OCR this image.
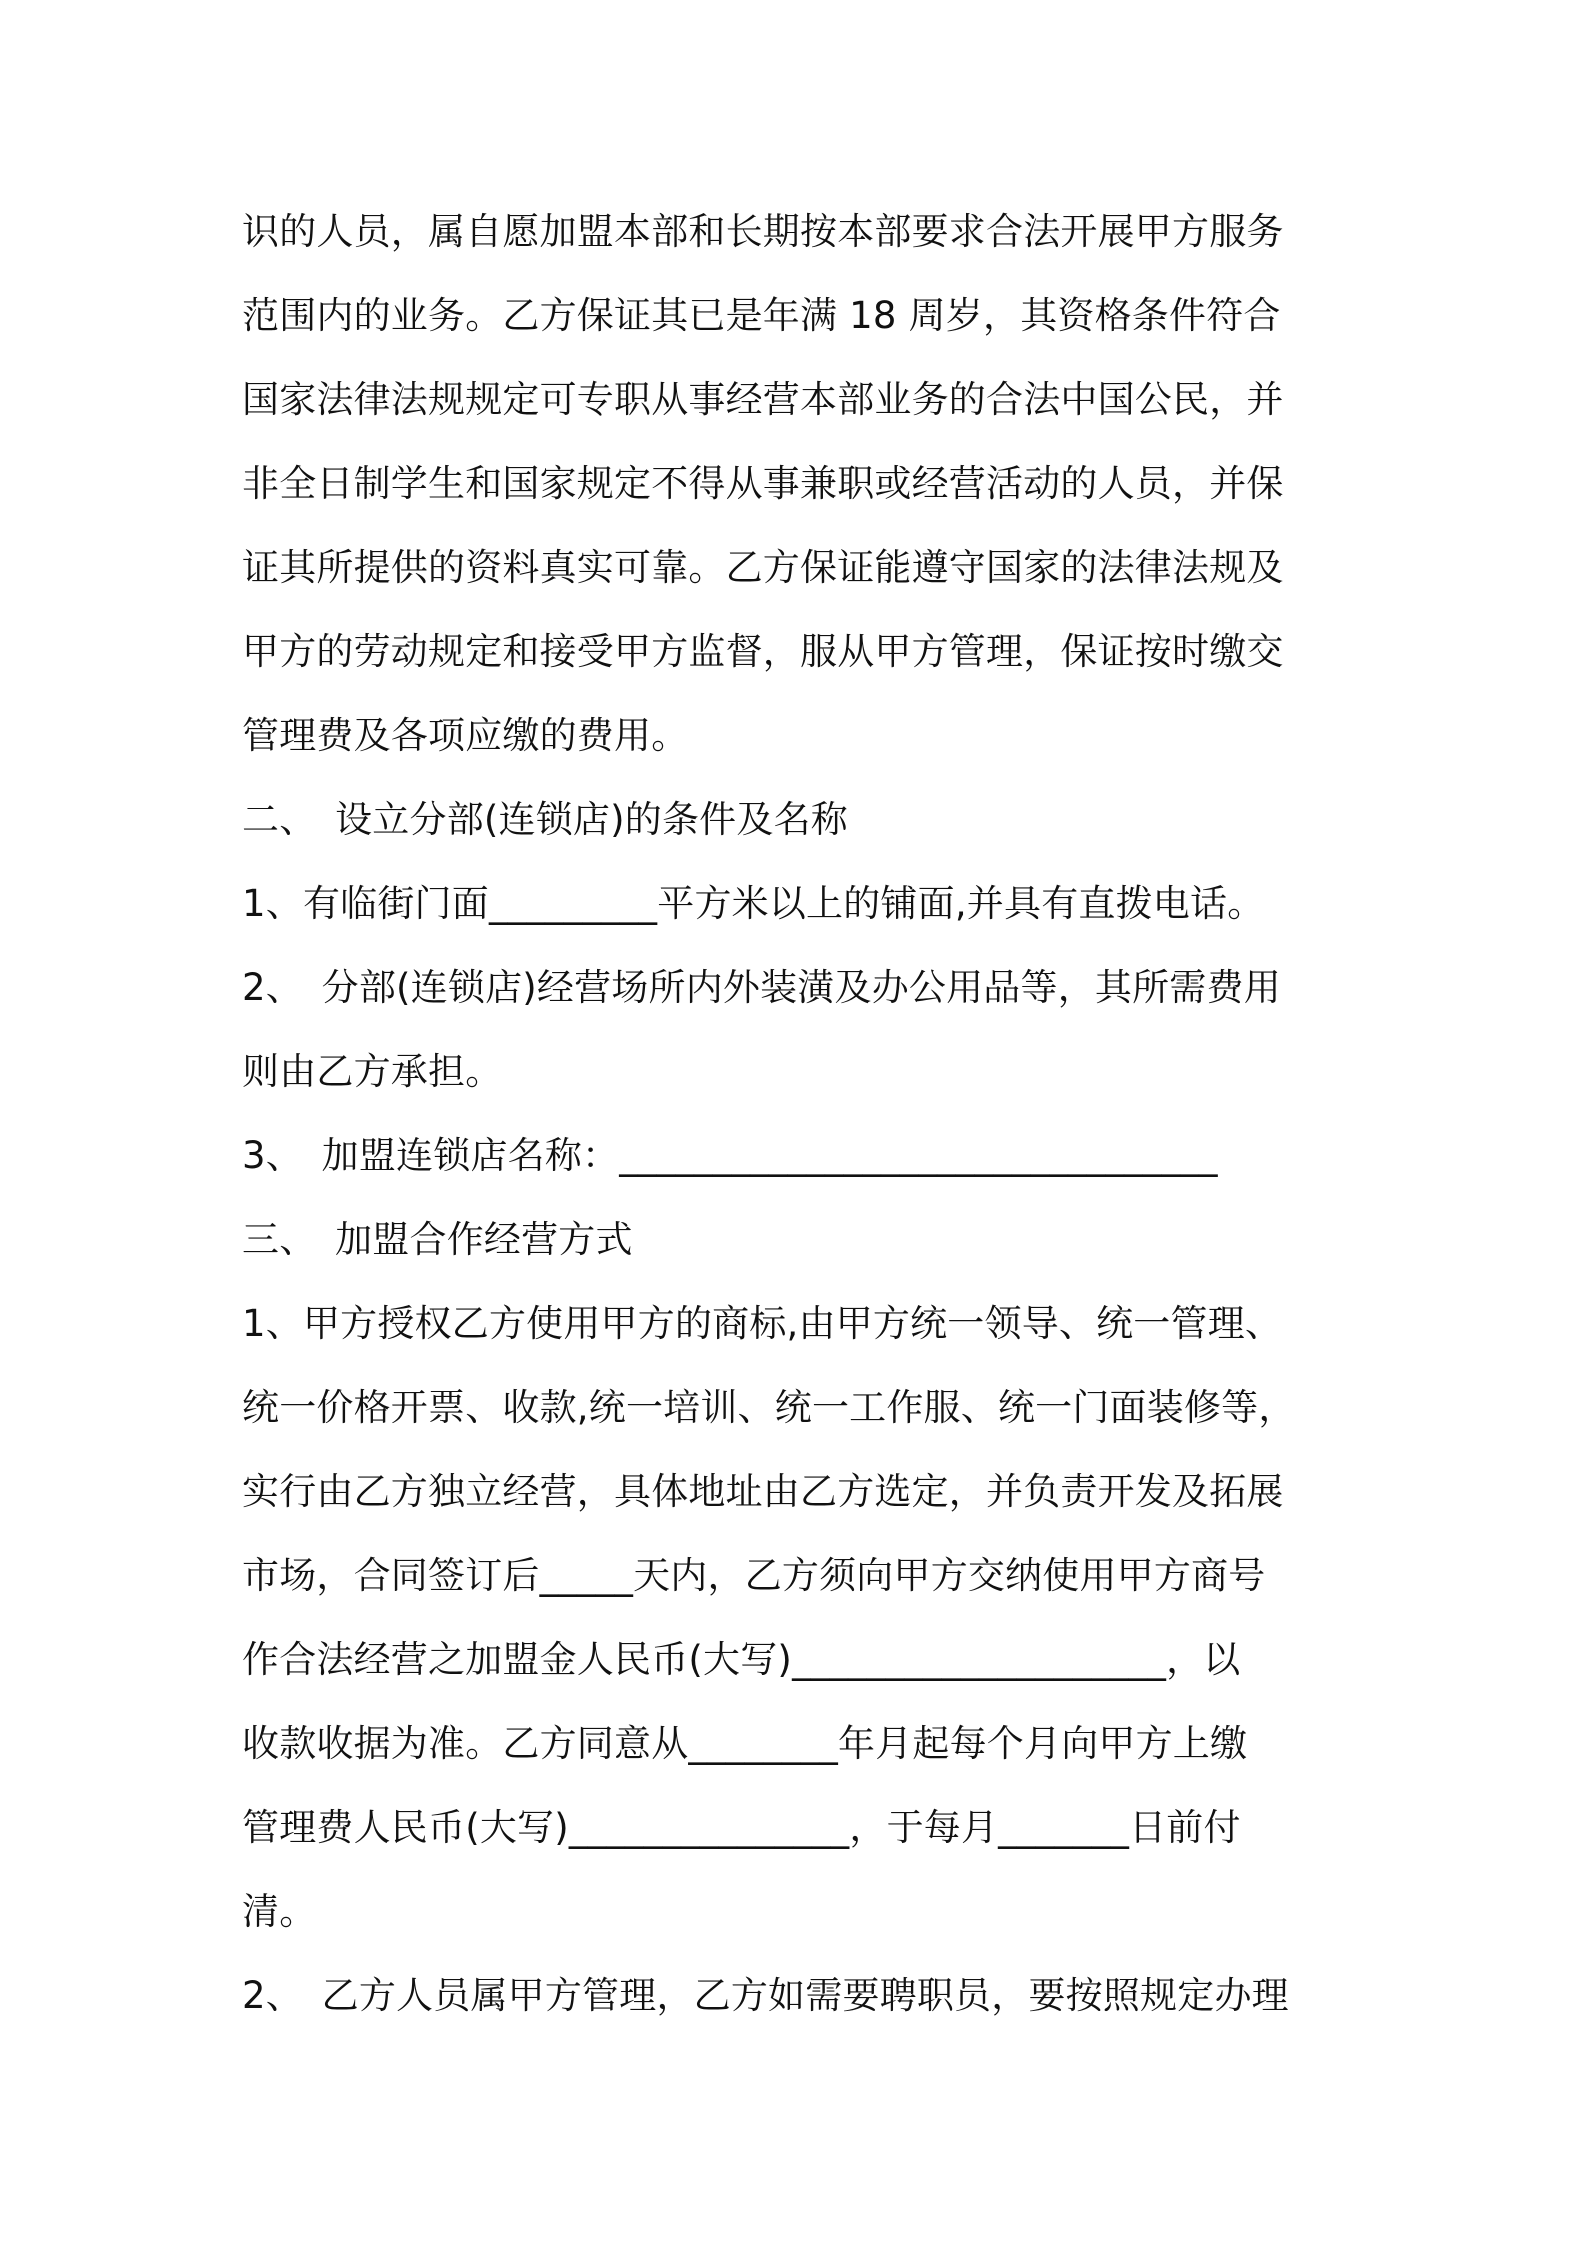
识的人员，属自愿加盟本部和长期按本部要求合法开展甲方服务
范围内的业务。乙方保证其已是年满 18 周岁，其资格条件符合
国家法律法规规定可专职从事经营本部业务的合法中国公民，并
非全日制学生和国家规定不得从事兼职或经营活动的人员，并保
证其所提供的资料真实可靠。乙方保证能遵守国家的法律法规及
甲方的劳动规定和接受甲方监督，服从甲方管理，保证按时缴交
管理费及各项应缴的费用。
二、　设立分部(连锁店)的条件及名称
1、有临街门面_________平方米以上的铺面,并具有直拨电话。
2、　分部(连锁店)经营场所内外装潢及办公用品等，其所需费用
则由乙方承担。
3、　加盟连锁店名称：________________________________
三、　加盟合作经营方式
1、甲方授权乙方使用甲方的商标,由甲方统一领导、统一管理、
统一价格开票、收款,统一培训、统一工作服、统一门面装修等，
实行由乙方独立经营，具体地址由乙方选定，并负责开发及拓展
市场，合同签订后_____天内，乙方须向甲方交纳使用甲方商号
作合法经营之加盟金人民币(大写)____________________，以
收款收据为准。乙方同意从________年月起每个月向甲方上缴
管理费人民币(大写)_______________，于每月_______日前付
清。
2、　乙方人员属甲方管理，乙方如需要聘职员，要按照规定办理
